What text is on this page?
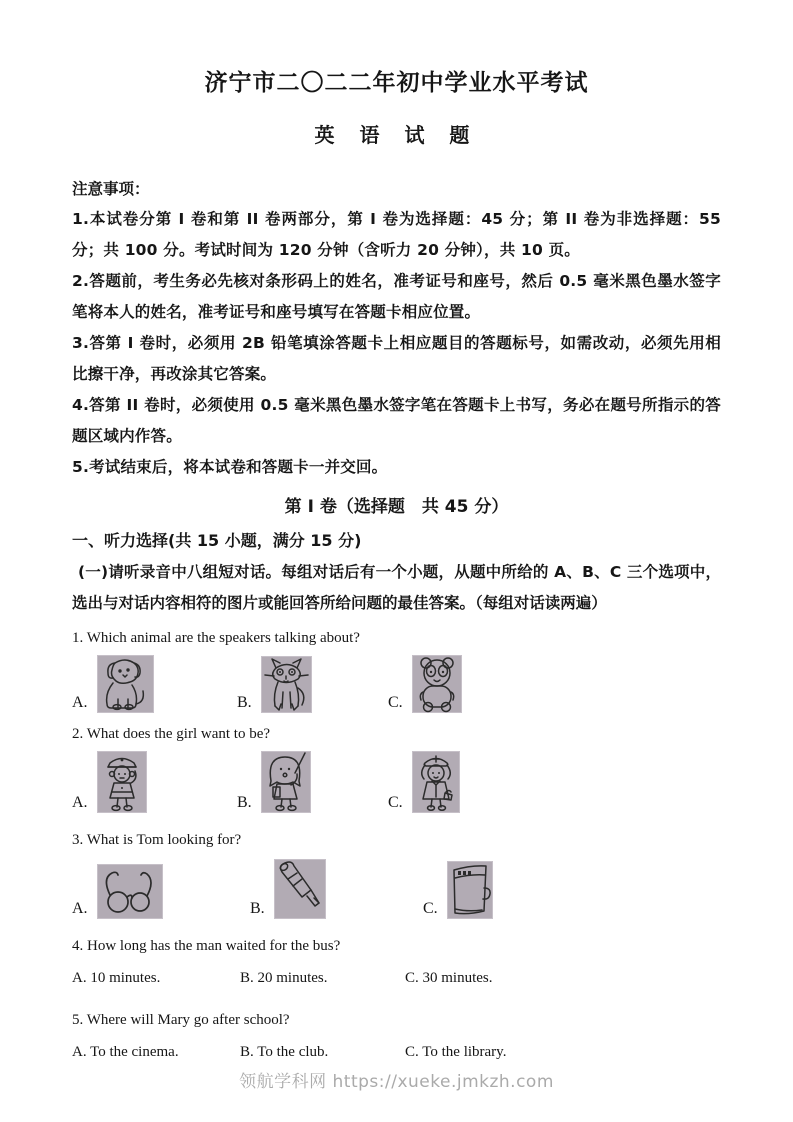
济宁市二〇二二年初中学业水平考试
英 语 试 题
注意事项：

1.本试卷分第 I 卷和第 II 卷两部分，第 I 卷为选择题：45 分；第 II 卷为非选择题：55 分；共 100 分。考试时间为 120 分钟（含听力 20 分钟），共 10 页。

2.答题前，考生务必先核对条形码上的姓名，准考证号和座号，然后 0.5 毫米黑色墨水签字笔将本人的姓名，准考证号和座号填写在答题卡相应位置。

3.答第 I 卷时，必须用 2B 铅笔填涂答题卡上相应题目的答题标号，如需改动，必须先用相比擦干净，再改涂其它答案。

4.答第 II 卷时，必须使用 0.5 毫米黑色墨水签字笔在答题卡上书写，务必在题号所指示的答题区域内作答。

5.考试结束后，将本试卷和答题卡一并交回。

第 I 卷（选择题　共 45 分）
一、听力选择(共 15 小题，满分 15 分)

(一)请听录音中八组短对话。每组对话后有一个小题，从题中所给的 A、B、C 三个选项中，选出与对话内容相符的图片或能回答所给问题的最佳答案。（每组对话读两遍）

1. Which animal are the speakers talking about?

A.	B.	C.

2. What does the girl want to be?

A.	B.	C.

3. What is Tom looking for?

A.	B.	C.

4. How long has the man waited for the bus?

A. 10 minutes.	B. 20 minutes.	C. 30 minutes.

5. Where will Mary go after school?

A. To the cinema.	B. To the club.	C. To the library.
领航学科网 https://xueke.jmkzh.com
